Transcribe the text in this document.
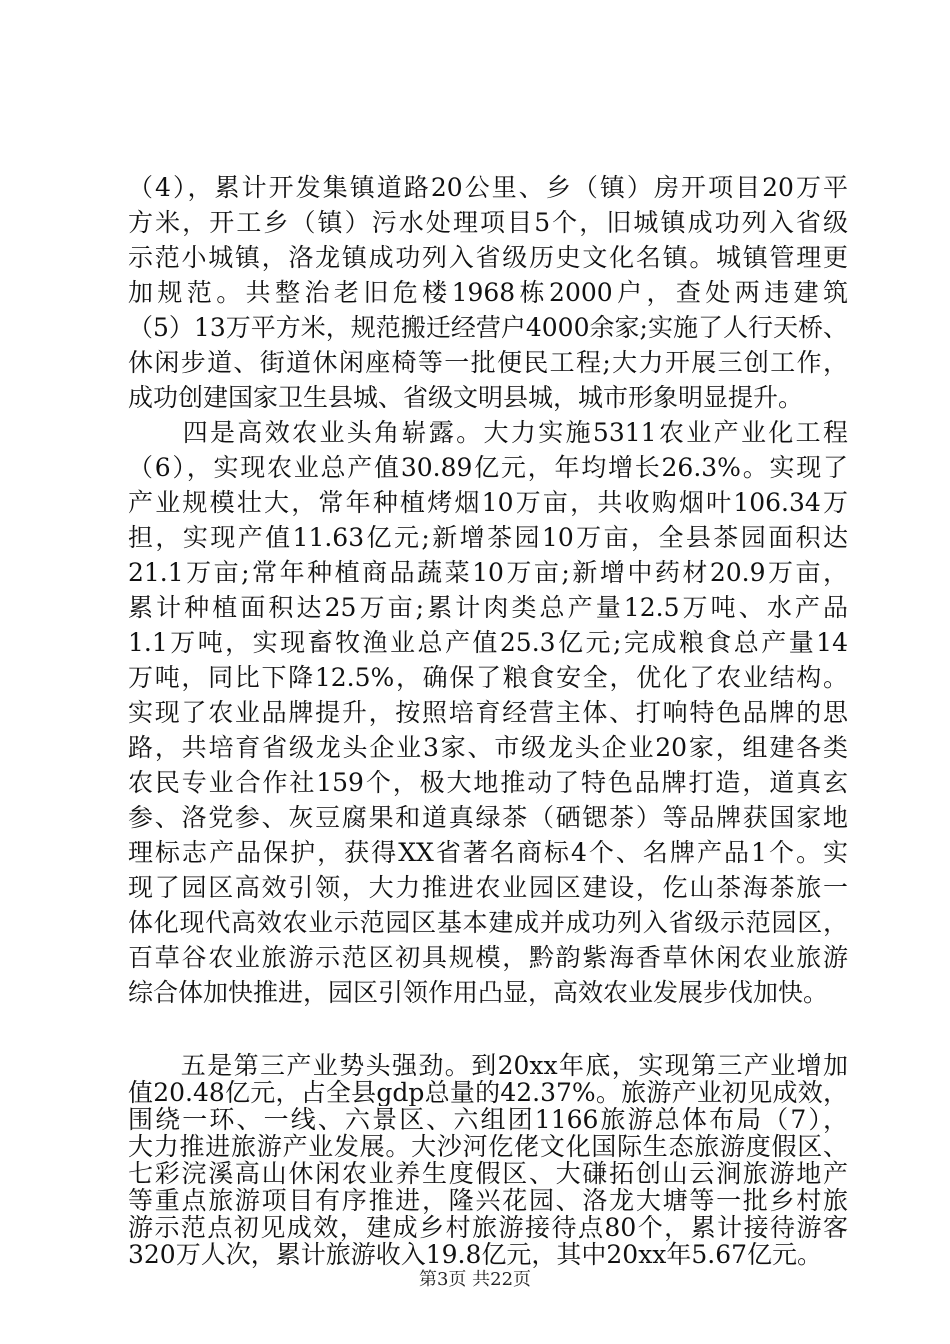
（4），累计开发集镇道路20公里、乡（镇）房开项目20万平
方米，开工乡（镇）污水处理项目5个，旧城镇成功列入省级
示范小城镇，洛龙镇成功列入省级历史文化名镇。城镇管理更
加规范。共整治老旧危楼1968栋2000户，查处两违建筑
（5）13万平方米，规范搬迁经营户4000余家;实施了人行天桥、
休闲步道、街道休闲座椅等一批便民工程;大力开展三创工作，
成功创建国家卫生县城、省级文明县城，城市形象明显提升。
　　四是高效农业头角崭露。大力实施5311农业产业化工程
（6），实现农业总产值30.89亿元，年均增长26.3%。实现了
产业规模壮大，常年种植烤烟10万亩，共收购烟叶106.34万
担，实现产值11.63亿元;新增茶园10万亩，全县茶园面积达
21.1万亩;常年种植商品蔬菜10万亩;新增中药材20.9万亩，
累计种植面积达25万亩;累计肉类总产量12.5万吨、水产品
1.1万吨，实现畜牧渔业总产值25.3亿元;完成粮食总产量14
万吨，同比下降12.5%，确保了粮食安全，优化了农业结构。
实现了农业品牌提升，按照培育经营主体、打响特色品牌的思
路，共培育省级龙头企业3家、市级龙头企业20家，组建各类
农民专业合作社159个，极大地推动了特色品牌打造，道真玄
参、洛党参、灰豆腐果和道真绿茶（硒锶茶）等品牌获国家地
理标志产品保护，获得XX省著名商标4个、名牌产品1个。实
现了园区高效引领，大力推进农业园区建设，仡山茶海茶旅一
体化现代高效农业示范园区基本建成并成功列入省级示范园区，
百草谷农业旅游示范区初具规模，黔韵紫海香草休闲农业旅游
综合体加快推进，园区引领作用凸显，高效农业发展步伐加快。
　　五是第三产业势头强劲。到20xx年底，实现第三产业增加
值20.48亿元，占全县gdp总量的42.37%。旅游产业初见成效，
围绕一环、一线、六景区、六组团1166旅游总体布局（7），
大力推进旅游产业发展。大沙河仡佬文化国际生态旅游度假区、
七彩浣溪高山休闲农业养生度假区、大磏拓创山云涧旅游地产
等重点旅游项目有序推进，隆兴花园、洛龙大塘等一批乡村旅
游示范点初见成效，建成乡村旅游接待点80个，累计接待游客
320万人次，累计旅游收入19.8亿元，其中20xx年5.67亿元。
第3页 共22页
